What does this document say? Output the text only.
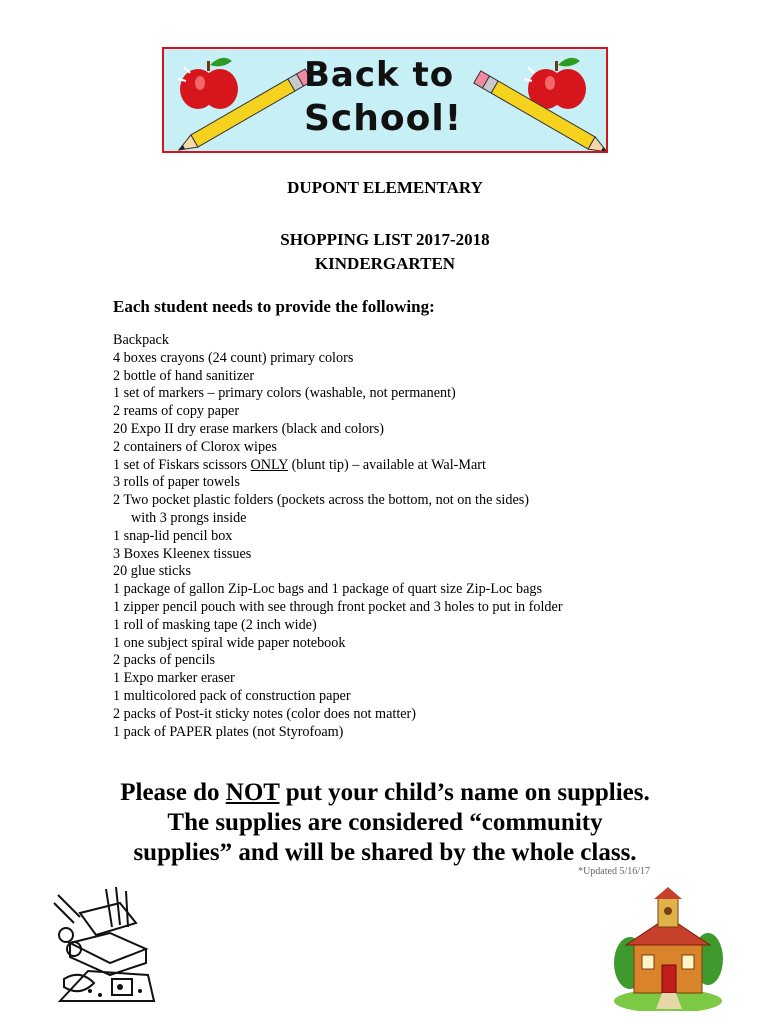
Back to
School!
DUPONT ELEMENTARY
SHOPPING LIST 2017-2018
KINDERGARTEN
Each student needs to provide the following:
Backpack
4 boxes crayons (24 count) primary colors
2 bottle of hand sanitizer
1 set of markers – primary colors (washable, not permanent)
2 reams of copy paper
20 Expo II dry erase markers (black and colors)
2 containers of Clorox wipes
1 set of Fiskars scissors ONLY (blunt tip) – available at Wal-Mart
3 rolls of paper towels
2 Two pocket plastic folders (pockets across the bottom, not on the sides)
with 3 prongs inside
1 snap-lid pencil box
3 Boxes Kleenex tissues
20 glue sticks
1 package of gallon Zip-Loc bags and 1 package of quart size Zip-Loc bags
1 zipper pencil pouch with see through front pocket and 3 holes to put in folder
1 roll of masking tape (2 inch wide)
1 one subject spiral wide paper notebook
2 packs of pencils
1 Expo marker eraser
1 multicolored pack of construction paper
2 packs of Post-it sticky notes (color does not matter)
1 pack of PAPER plates (not Styrofoam)
Please do NOT put your child’s name on supplies.
The supplies are considered “community
supplies” and will be shared by the whole class.
*Updated 5/16/17
